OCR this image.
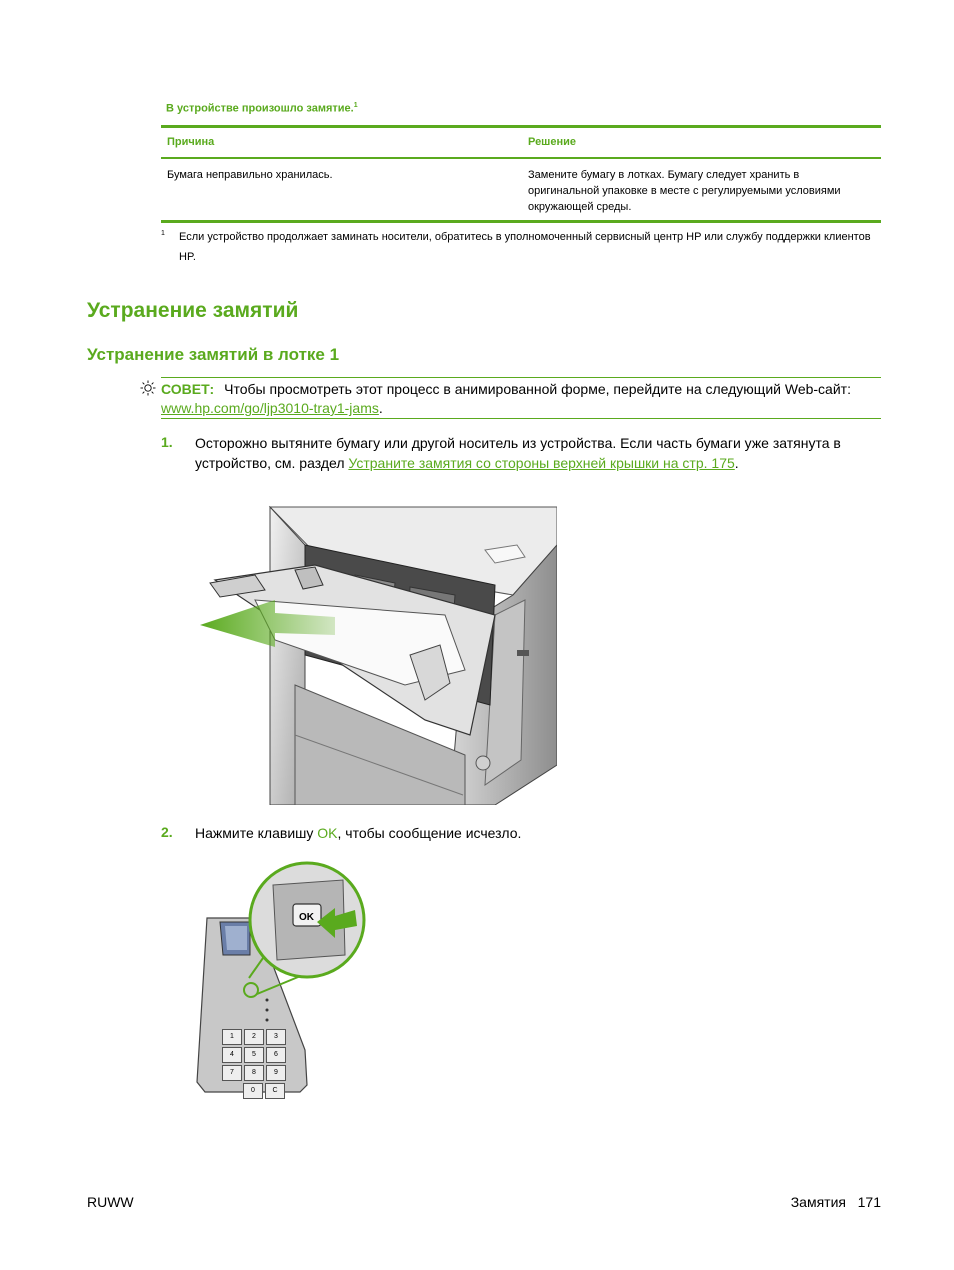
В устройстве произошло замятие.$^1$
Причина	Решение
Бумага неправильно хранилась.	Замените бумагу в лотках. Бумагу следует хранить в оригинальной упаковке в месте с регулируемыми условиями окружающей среды.
1	Если устройство продолжает заминать носители, обратитесь в уполномоченный сервисный центр HP или службу поддержки клиентов HP.
Устранение замятий
Устранение замятий в лотке 1
СОВЕТ: Чтобы просмотреть этот процесс в анимированной форме, перейдите на следующий Web-сайт: www.hp.com/go/ljp3010-tray1-jams.
1. Осторожно вытяните бумагу или другой носитель из устройства. Если часть бумаги уже затянута в устройство, см. раздел Устраните замятия со стороны верхней крышки на стр. 175.
2. Нажмите клавишу OK, чтобы сообщение исчезло.
OK
1	2	3 4	5	6 7	8	9 0	C
RUWW	Замятия 171
